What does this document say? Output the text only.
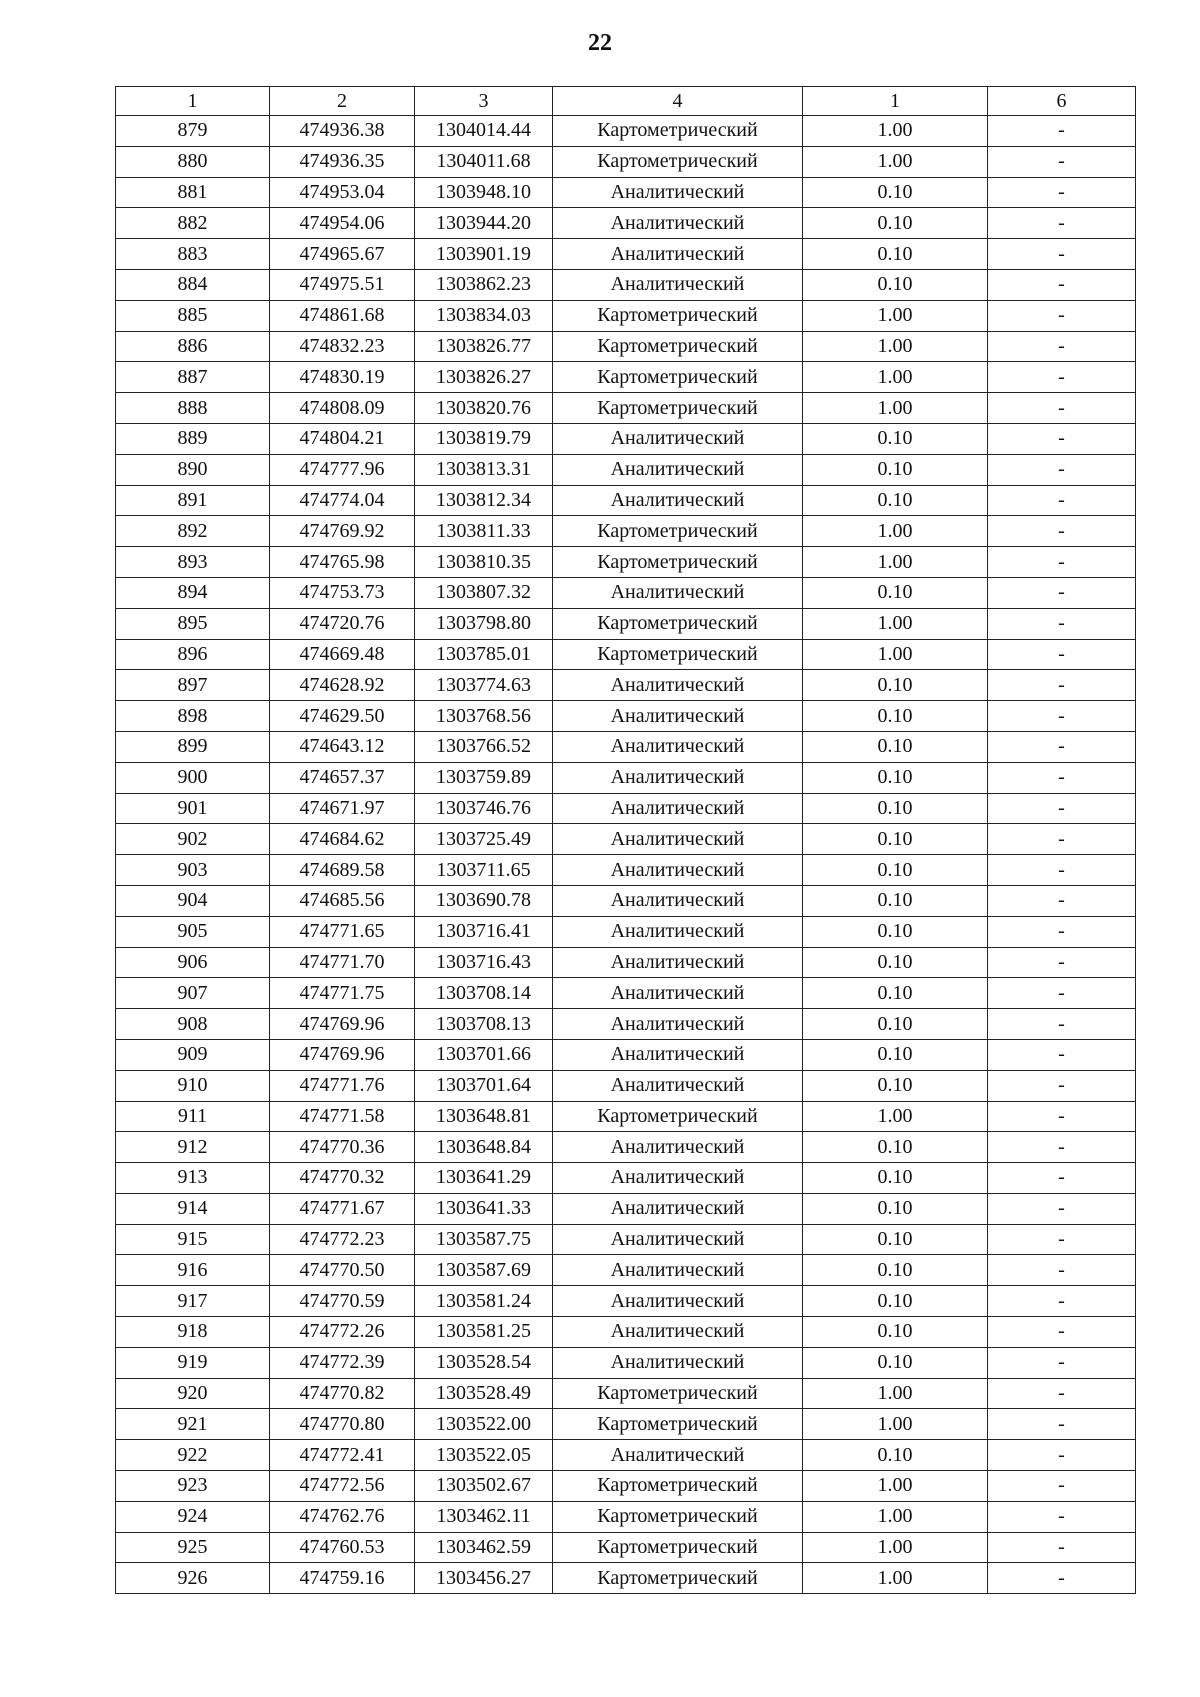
22
1	2	3	4	1	6
879	474936.38	1304014.44	Картометрический	1.00	-
880	474936.35	1304011.68	Картометрический	1.00	-
881	474953.04	1303948.10	Аналитический	0.10	-
882	474954.06	1303944.20	Аналитический	0.10	-
883	474965.67	1303901.19	Аналитический	0.10	-
884	474975.51	1303862.23	Аналитический	0.10	-
885	474861.68	1303834.03	Картометрический	1.00	-
886	474832.23	1303826.77	Картометрический	1.00	-
887	474830.19	1303826.27	Картометрический	1.00	-
888	474808.09	1303820.76	Картометрический	1.00	-
889	474804.21	1303819.79	Аналитический	0.10	-
890	474777.96	1303813.31	Аналитический	0.10	-
891	474774.04	1303812.34	Аналитический	0.10	-
892	474769.92	1303811.33	Картометрический	1.00	-
893	474765.98	1303810.35	Картометрический	1.00	-
894	474753.73	1303807.32	Аналитический	0.10	-
895	474720.76	1303798.80	Картометрический	1.00	-
896	474669.48	1303785.01	Картометрический	1.00	-
897	474628.92	1303774.63	Аналитический	0.10	-
898	474629.50	1303768.56	Аналитический	0.10	-
899	474643.12	1303766.52	Аналитический	0.10	-
900	474657.37	1303759.89	Аналитический	0.10	-
901	474671.97	1303746.76	Аналитический	0.10	-
902	474684.62	1303725.49	Аналитический	0.10	-
903	474689.58	1303711.65	Аналитический	0.10	-
904	474685.56	1303690.78	Аналитический	0.10	-
905	474771.65	1303716.41	Аналитический	0.10	-
906	474771.70	1303716.43	Аналитический	0.10	-
907	474771.75	1303708.14	Аналитический	0.10	-
908	474769.96	1303708.13	Аналитический	0.10	-
909	474769.96	1303701.66	Аналитический	0.10	-
910	474771.76	1303701.64	Аналитический	0.10	-
911	474771.58	1303648.81	Картометрический	1.00	-
912	474770.36	1303648.84	Аналитический	0.10	-
913	474770.32	1303641.29	Аналитический	0.10	-
914	474771.67	1303641.33	Аналитический	0.10	-
915	474772.23	1303587.75	Аналитический	0.10	-
916	474770.50	1303587.69	Аналитический	0.10	-
917	474770.59	1303581.24	Аналитический	0.10	-
918	474772.26	1303581.25	Аналитический	0.10	-
919	474772.39	1303528.54	Аналитический	0.10	-
920	474770.82	1303528.49	Картометрический	1.00	-
921	474770.80	1303522.00	Картометрический	1.00	-
922	474772.41	1303522.05	Аналитический	0.10	-
923	474772.56	1303502.67	Картометрический	1.00	-
924	474762.76	1303462.11	Картометрический	1.00	-
925	474760.53	1303462.59	Картометрический	1.00	-
926	474759.16	1303456.27	Картометрический	1.00	-
